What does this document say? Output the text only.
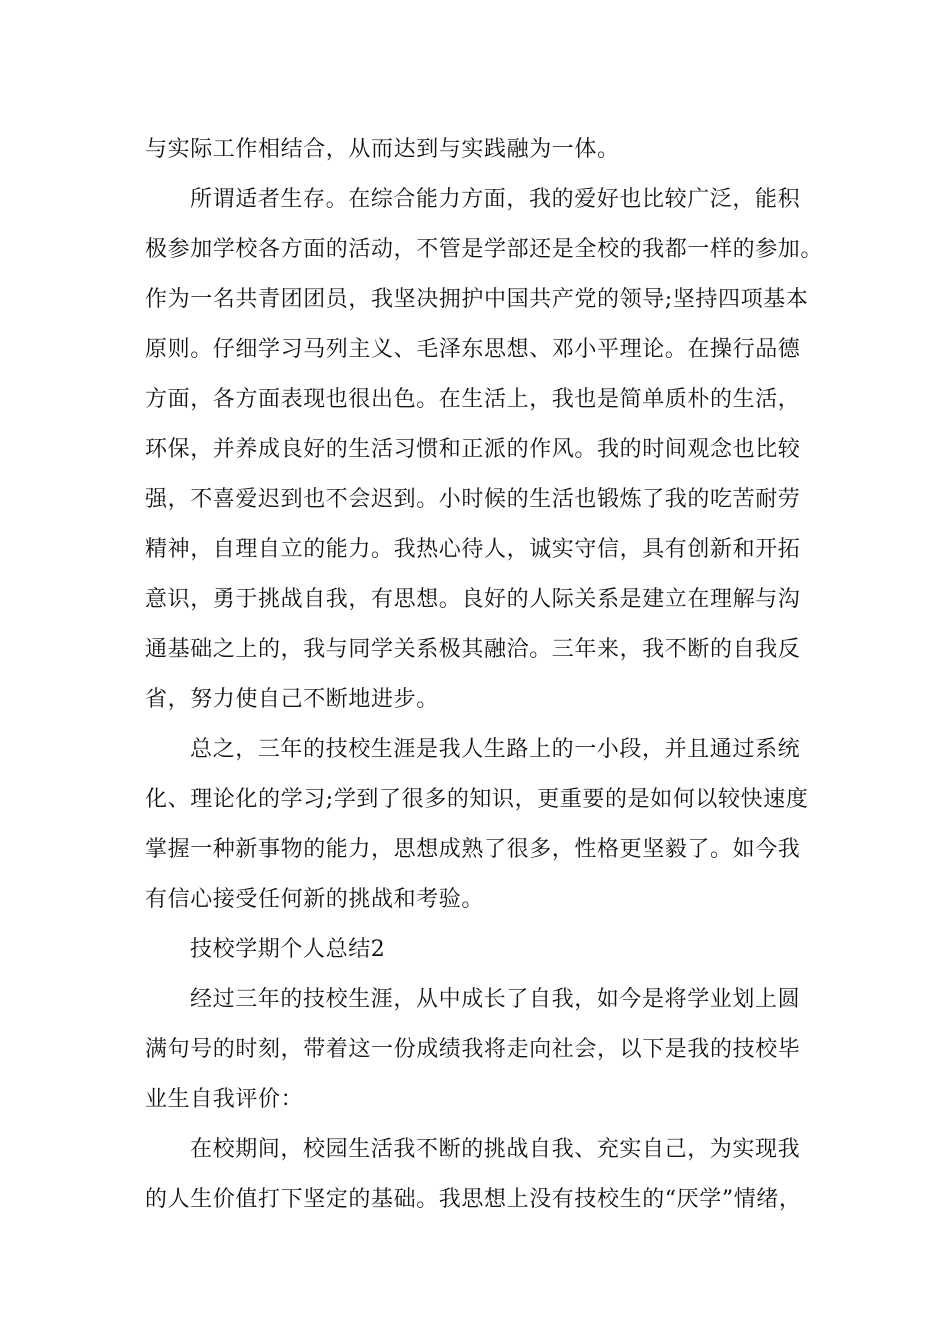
与实际工作相结合，从而达到与实践融为一体。
所谓适者生存。在综合能力方面，我的爱好也比较广泛，能积
极参加学校各方面的活动，不管是学部还是全校的我都一样的参加。
作为一名共青团团员，我坚决拥护中国共产党的领导;坚持四项基本
原则。仔细学习马列主义、毛泽东思想、邓小平理论。在操行品德
方面，各方面表现也很出色。在生活上，我也是简单质朴的生活，
环保，并养成良好的生活习惯和正派的作风。我的时间观念也比较
强，不喜爱迟到也不会迟到。小时候的生活也锻炼了我的吃苦耐劳
精神，自理自立的能力。我热心待人，诚实守信，具有创新和开拓
意识，勇于挑战自我，有思想。良好的人际关系是建立在理解与沟
通基础之上的，我与同学关系极其融洽。三年来，我不断的自我反
省，努力使自己不断地进步。
总之，三年的技校生涯是我人生路上的一小段，并且通过系统
化、理论化的学习;学到了很多的知识，更重要的是如何以较快速度
掌握一种新事物的能力，思想成熟了很多，性格更坚毅了。如今我
有信心接受任何新的挑战和考验。
技校学期个人总结2
经过三年的技校生涯，从中成长了自我，如今是将学业划上圆
满句号的时刻，带着这一份成绩我将走向社会，以下是我的技校毕
业生自我评价：
在校期间，校园生活我不断的挑战自我、充实自己，为实现我
的人生价值打下坚定的基础。我思想上没有技校生的“厌学”情绪，
